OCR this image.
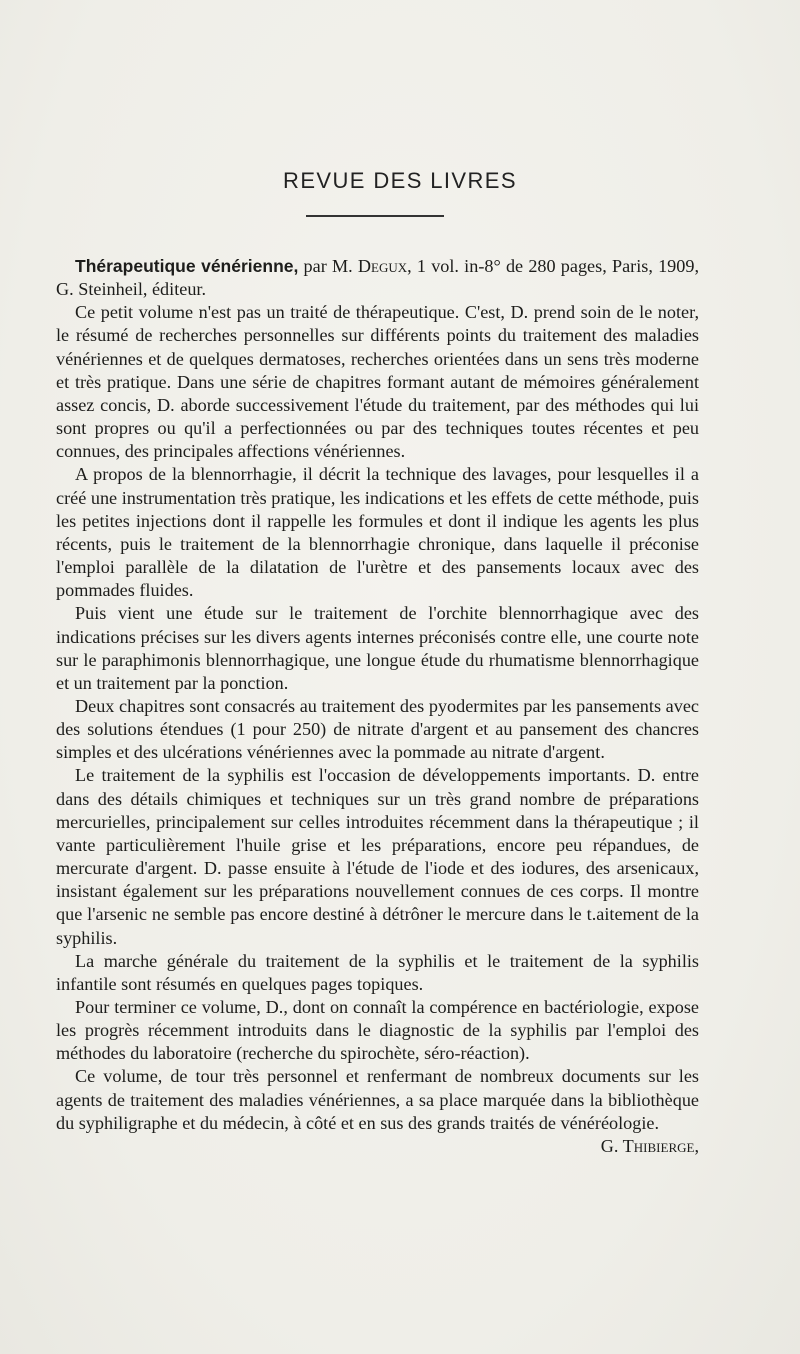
REVUE DES LIVRES

Thérapeutique vénérienne, par M. Degux, 1 vol. in-8° de 280 pages, Paris, 1909, G. Steinheil, éditeur.

Ce petit volume n'est pas un traité de thérapeutique. C'est, D. prend soin de le noter, le résumé de recherches personnelles sur différents points du traitement des maladies vénériennes et de quelques dermatoses, recherches orientées dans un sens très moderne et très pratique. Dans une série de chapitres formant autant de mémoires généralement assez concis, D. aborde successivement l'étude du traitement, par des méthodes qui lui sont propres ou qu'il a perfectionnées ou par des techniques toutes récentes et peu connues, des principales affections vénériennes.

A propos de la blennorrhagie, il décrit la technique des lavages, pour lesquelles il a créé une instrumentation très pratique, les indications et les effets de cette méthode, puis les petites injections dont il rappelle les formules et dont il indique les agents les plus récents, puis le traitement de la blennorrhagie chronique, dans laquelle il préconise l'emploi parallèle de la dilatation de l'urètre et des pansements locaux avec des pommades fluides.

Puis vient une étude sur le traitement de l'orchite blennorrhagique avec des indications précises sur les divers agents internes préconisés contre elle, une courte note sur le paraphimonis blennorrhagique, une longue étude du rhumatisme blennorrhagique et un traitement par la ponction.

Deux chapitres sont consacrés au traitement des pyodermites par les pansements avec des solutions étendues (1 pour 250) de nitrate d'argent et au pansement des chancres simples et des ulcérations vénériennes avec la pommade au nitrate d'argent.

Le traitement de la syphilis est l'occasion de développements importants. D. entre dans des détails chimiques et techniques sur un très grand nombre de préparations mercurielles, principalement sur celles introduites récemment dans la thérapeutique ; il vante particulièrement l'huile grise et les préparations, encore peu répandues, de mercurate d'argent. D. passe ensuite à l'étude de l'iode et des iodures, des arsenicaux, insistant également sur les préparations nouvellement connues de ces corps. Il montre que l'arsenic ne semble pas encore destiné à détrôner le mercure dans le t.aitement de la syphilis.

La marche générale du traitement de la syphilis et le traitement de la syphilis infantile sont résumés en quelques pages topiques.

Pour terminer ce volume, D., dont on connaît la compérence en bactériologie, expose les progrès récemment introduits dans le diagnostic de la syphilis par l'emploi des méthodes du laboratoire (recherche du spirochète, séro-réaction).

Ce volume, de tour très personnel et renfermant de nombreux documents sur les agents de traitement des maladies vénériennes, a sa place marquée dans la bibliothèque du syphiligraphe et du médecin, à côté et en sus des grands traités de vénéréologie.
G. Thibierge,
